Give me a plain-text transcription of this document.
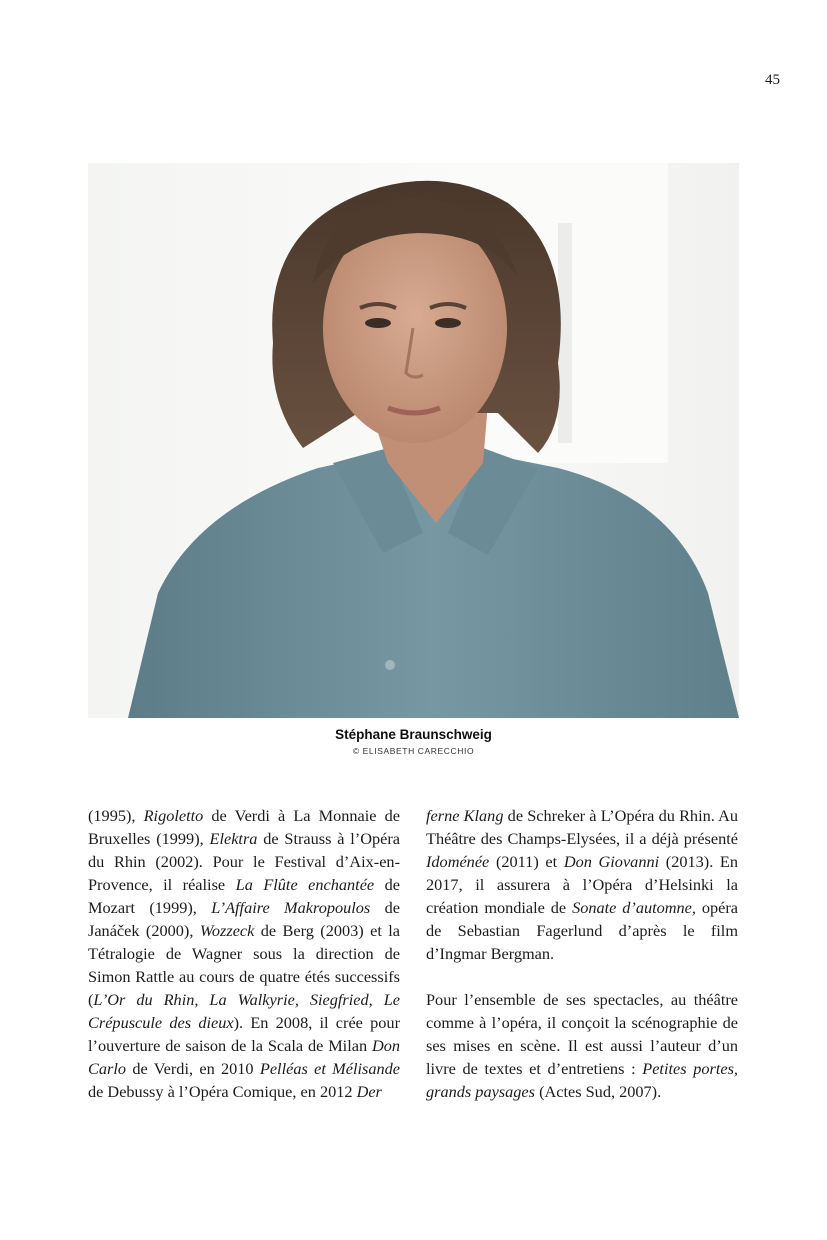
45
Stéphane Braunschweig
© ELISABETH CARECCHIO

(1995), Rigoletto de Verdi à La Monnaie de Bruxelles (1999), Elektra de Strauss à l’Opéra du Rhin (2002). Pour le Festival d’Aix-en-Provence, il réalise La Flûte enchantée de Mozart (1999), L’Affaire Makropoulos de Janáček (2000), Wozzeck de Berg (2003) et la Tétralogie de Wagner sous la direction de Simon Rattle au cours de quatre étés successifs (L’Or du Rhin, La Walkyrie, Siegfried, Le Crépuscule des dieux). En 2008, il crée pour l’ouverture de saison de la Scala de Milan Don Carlo de Verdi, en 2010 Pelléas et Mélisande de Debussy à l’Opéra Comique, en 2012 Der

ferne Klang de Schreker à L’Opéra du Rhin. Au Théâtre des Champs-Elysées, il a déjà présenté Idoménée (2011) et Don Giovanni (2013). En 2017, il assurera à l’Opéra d’Helsinki la création mondiale de Sonate d’automne, opéra de Sebastian Fagerlund d’après le film d’Ingmar Bergman.

Pour l’ensemble de ses spectacles, au théâtre comme à l’opéra, il conçoit la scénographie de ses mises en scène. Il est aussi l’auteur d’un livre de textes et d’entretiens : Petites portes, grands paysages (Actes Sud, 2007).
